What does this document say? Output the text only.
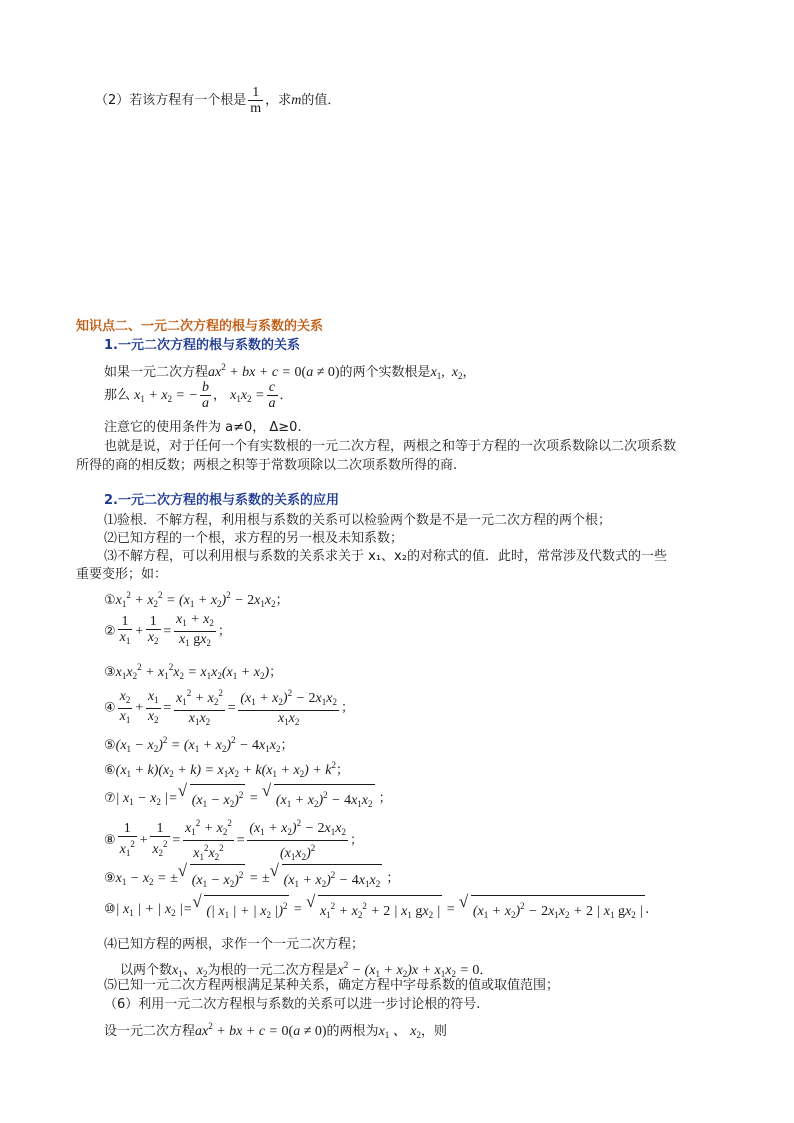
（2）若该方程有一个根是 $\frac{1}{m}$ ，求m的值．
知识点二、一元二次方程的根与系数的关系
1.一元二次方程的根与系数的关系
如果一元二次方程$ax^2$ + bx + c = 0(a ≠ 0)的两个实数根是$x_1$,  $x_2$，
那么 $x_1 + x_2$ = − $\frac{b}{a}$ ， $x_1x_2 = \frac{c}{a}$ ．
注意它的使用条件为 a≠0， Δ≥0.
也就是说，对于任何一个有实数根的一元二次方程，两根之和等于方程的一次项系数除以二次项系数
所得的商的相反数；两根之积等于常数项除以二次项系数所得的商.
2.一元二次方程的根与系数的关系的应用
⑴验根．不解方程，利用根与系数的关系可以检验两个数是不是一元二次方程的两个根；
⑵已知方程的一个根，求方程的另一根及未知系数；
⑶不解方程，可以利用根与系数的关系求关于 x₁、x₂的对称式的值．此时，常常涉及代数式的一些
重要变形；如：
$①x_1^2 + x_2^2 = (x_1 + x_2)^2 - 2x_1x_2$；
② $\frac{1}{x_1} + \frac{1}{x_2} = \frac{x_1 + x_2}{x_1 gx_2}$ ；
$③x_1x_2^2 + x_1^2x_2 = x_1x_2(x_1 + x_2)$；
④ $\frac{x_2}{x_1} + \frac{x_1}{x_2} = \frac{x_1^2 + x_2^2}{x_1x_2} = \frac{(x_1 + x_2)^2 - 2x_1x_2}{x_1x_2}$ ；
$⑤(x_1 - x_2)^2 = (x_1 + x_2)^2 - 4x_1x_2$；
$⑥(x_1 + k)(x_2 + k) = x_1x_2 + k(x_1 + x_2) + k^2$；
⑦| $x_1 - x_2$ |= √ $(x_1 - x_2)^2$ = √ $(x_1 + x_2)^2 - 4x_1x_2$ ；
⑧ $\frac{1}{x_1^2} + \frac{1}{x_2^2} = \frac{x_1^2 + x_2^2}{x_1^2x_2^2} = \frac{(x_1 + x_2)^2 - 2x_1x_2}{(x_1x_2)^2}$ ；
$⑨x_1 - x_2$ = ± √ $(x_1 - x_2)^2$ = ± √ $(x_1 + x_2)^2 - 4x_1x_2$ ；
⑩| $x_1$ | + | $x_2$ |= √ (| $x_1$ | + | $x_2$ |)$^2$ = √ $x_1^2 + x_2^2 + 2$ | $x_1$ $gx_2$ | = √ $(x_1 + x_2)^2 - 2x_1x_2 + 2$ | $x_1$ $gx_2$ | .
⑷已知方程的两根，求作一个一元二次方程；
以两个数$x_1$、$x_2$为根的一元二次方程是$x^2 - (x_1 + x_2)x + x_1x_2 = 0$．
⑸已知一元二次方程两根满足某种关系，确定方程中字母系数的值或取值范围；
（6）利用一元二次方程根与系数的关系可以进一步讨论根的符号.
设一元二次方程$ax^2$ + bx + c = 0(a ≠ 0)的两根为$x_1$ 、 $x_2$，则
